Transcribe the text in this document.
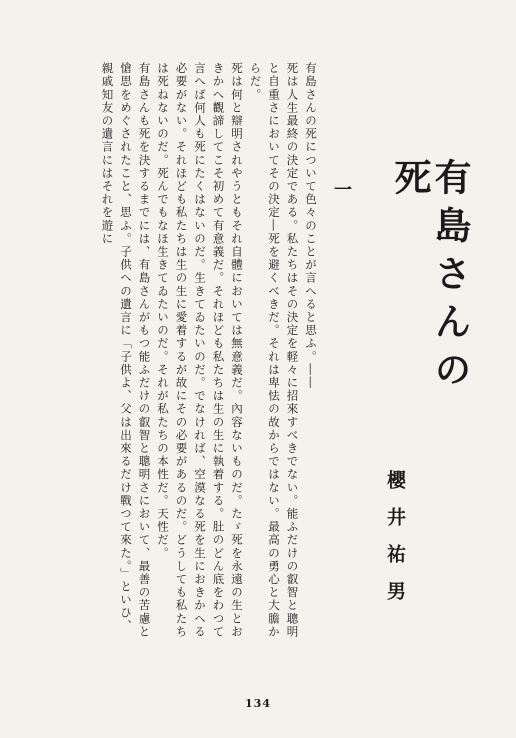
有島さんの死
櫻井祐男
一

有島さんの死について色々のことが言へると思ふ。――

死は人生最終の決定である。私たちはその決定を軽々に招來すべきでない。能ふだけの叡智と聰明と自重さにおいてその決定―死を避くべきだ。それは卑怯の故からではない。最高の勇心と大膽からだ。

死は何と辯明されやうともそれ自體においては無意義だ。內容ないものだ。たゞ死を永遠の生とおきかへ觀諦してこそ初めて有意義だ。それほども私たちは生の生に執着する。肚のどん底をわつて言へば何人も死にたくはないのだ。生きてゐたいのだ。でなければ、空漠なる死を生におきかへる必要がない。それほども私たちは生の生に愛着するが故にその必要があるのだ。どうしても私たちは死ねないのだ。死んでもなほ生きてゐたいのだ。それが私たちの本性だ。天性だ。

有島さんも死を決するまでには、有島さんがもつ能ふだけの叡智と聰明さにおいて、最善の苦慮と愴思をめぐされたこと、思ふ。子供への遺言に「子供よ、父は出來るだけ戰つて來た。」といひ、親戚知友の遺言にはそれを遊に

134
